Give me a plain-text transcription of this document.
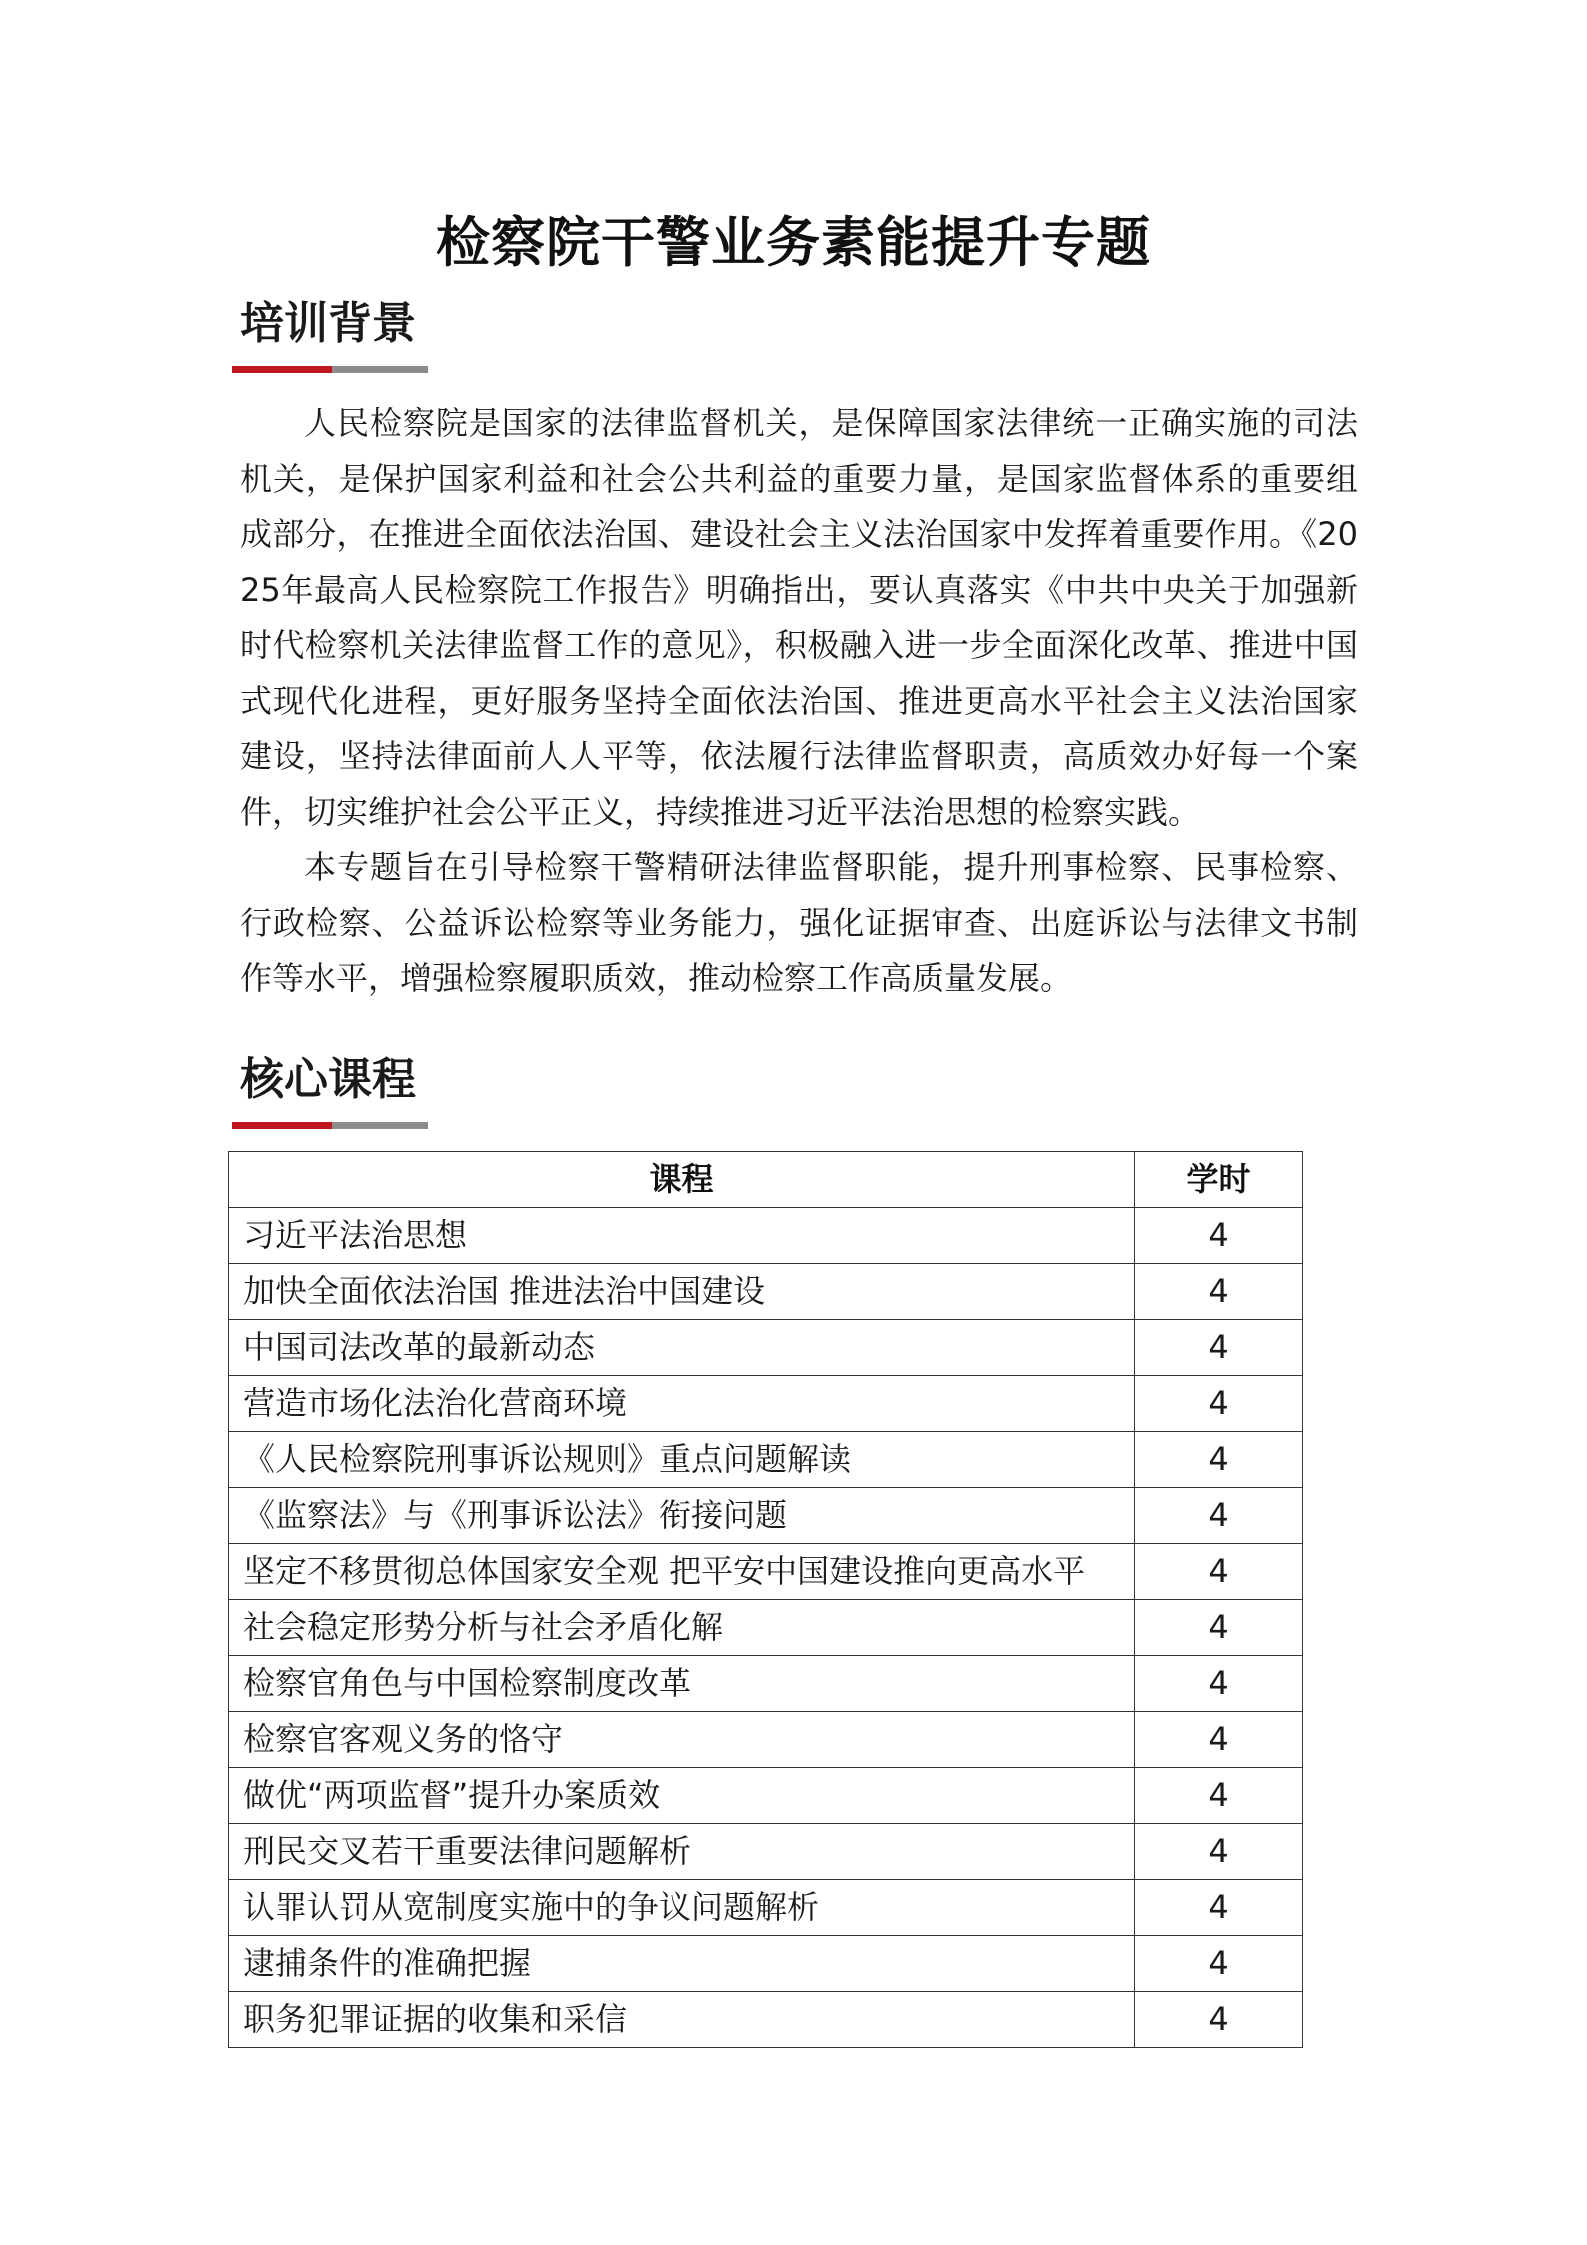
检察院干警业务素能提升专题
培训背景

人民检察院是国家的法律监督机关，是保障国家法律统一正确实施的司法机关，是保护国家利益和社会公共利益的重要力量，是国家监督体系的重要组成部分，在推进全面依法治国、建设社会主义法治国家中发挥着重要作用。《2025年最高人民检察院工作报告》明确指出，要认真落实《中共中央关于加强新时代检察机关法律监督工作的意见》，积极融入进一步全面深化改革、推进中国式现代化进程，更好服务坚持全面依法治国、推进更高水平社会主义法治国家建设，坚持法律面前人人平等，依法履行法律监督职责，高质效办好每一个案件，切实维护社会公平正义，持续推进习近平法治思想的检察实践。

本专题旨在引导检察干警精研法律监督职能，提升刑事检察、民事检察、行政检察、公益诉讼检察等业务能力，强化证据审查、出庭诉讼与法律文书制作等水平，增强检察履职质效，推动检察工作高质量发展。

核心课程
课程	学时
习近平法治思想	4
加快全面依法治国 推进法治中国建设	4
中国司法改革的最新动态	4
营造市场化法治化营商环境	4
《人民检察院刑事诉讼规则》重点问题解读	4
《监察法》与《刑事诉讼法》衔接问题	4
坚定不移贯彻总体国家安全观 把平安中国建设推向更高水平	4
社会稳定形势分析与社会矛盾化解	4
检察官角色与中国检察制度改革	4
检察官客观义务的恪守	4
做优“两项监督”提升办案质效	4
刑民交叉若干重要法律问题解析	4
认罪认罚从宽制度实施中的争议问题解析	4
逮捕条件的准确把握	4
职务犯罪证据的收集和采信	4
